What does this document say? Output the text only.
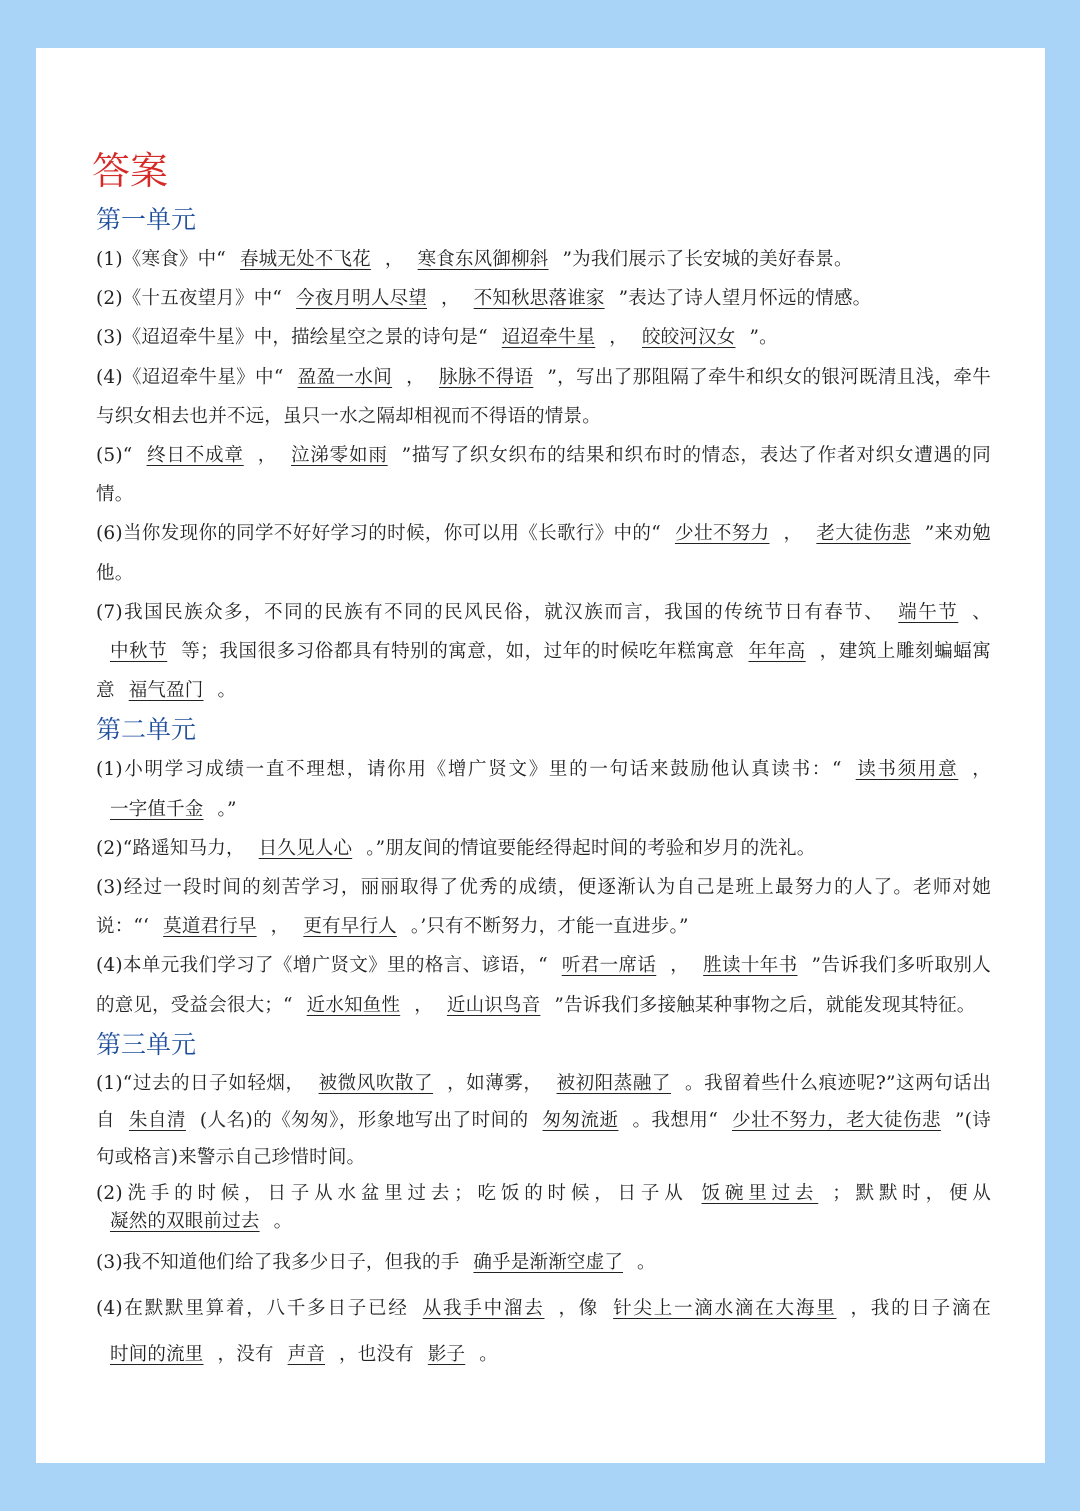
答案
第一单元

(1)《寒食》中“ 春城无处不飞花 ， 寒食东风御柳斜 ”为我们展示了长安城的美好春景。

(2)《十五夜望月》中“ 今夜月明人尽望 ， 不知秋思落谁家 ”表达了诗人望月怀远的情感。

(3)《迢迢牵牛星》中，描绘星空之景的诗句是“ 迢迢牵牛星 ， 皎皎河汉女 ”。

(4)《迢迢牵牛星》中“ 盈盈一水间 ， 脉脉不得语 ”，写出了那阻隔了牵牛和织女的银河既清且浅，牵牛与织女相去也并不远，虽只一水之隔却相视而不得语的情景。

(5)“ 终日不成章 ， 泣涕零如雨 ”描写了织女织布的结果和织布时的情态，表达了作者对织女遭遇的同情。

(6)当你发现你的同学不好好学习的时候，你可以用《长歌行》中的“ 少壮不努力 ， 老大徒伤悲 ”来劝勉他。

(7)我国民族众多，不同的民族有不同的民风民俗，就汉族而言，我国的传统节日有春节、 端午节 、中秋节 等；我国很多习俗都具有特别的寓意，如，过年的时候吃年糕寓意 年年高 ，建筑上雕刻蝙蝠寓意 福气盈门 。

第二单元

(1)小明学习成绩一直不理想，请你用《增广贤文》里的一句话来鼓励他认真读书：“ 读书须用意 ，一字值千金 。”

(2)“路遥知马力， 日久见人心 。”朋友间的情谊要能经得起时间的考验和岁月的洗礼。

(3)经过一段时间的刻苦学习，丽丽取得了优秀的成绩，便逐渐认为自己是班上最努力的人了。老师对她说：“‘ 莫道君行早 ， 更有早行人 。’只有不断努力，才能一直进步。”

(4)本单元我们学习了《增广贤文》里的格言、谚语，“ 听君一席话 ， 胜读十年书 ”告诉我们多听取别人的意见，受益会很大；“ 近水知鱼性 ， 近山识鸟音 ”告诉我们多接触某种事物之后，就能发现其特征。

第三单元

(1)“过去的日子如轻烟， 被微风吹散了 ，如薄雾， 被初阳蒸融了 。我留着些什么痕迹呢?”这两句话出自 朱自清 (人名)的《匆匆》，形象地写出了时间的 匆匆流逝 。我想用“ 少壮不努力，老大徒伤悲 ”(诗句或格言)来警示自己珍惜时间。

(2)洗手的时候，日子从水盆里过去；吃饭的时候，日子从 饭碗里过去 ；默默时，便从凝然的双眼前过去 。

(3)我不知道他们给了我多少日子，但我的手 确乎是渐渐空虚了 。

(4)在默默里算着，八千多日子已经 从我手中溜去 ，像 针尖上一滴水滴在大海里 ，我的日子滴在时间的流里 ，没有 声音 ，也没有 影子 。
